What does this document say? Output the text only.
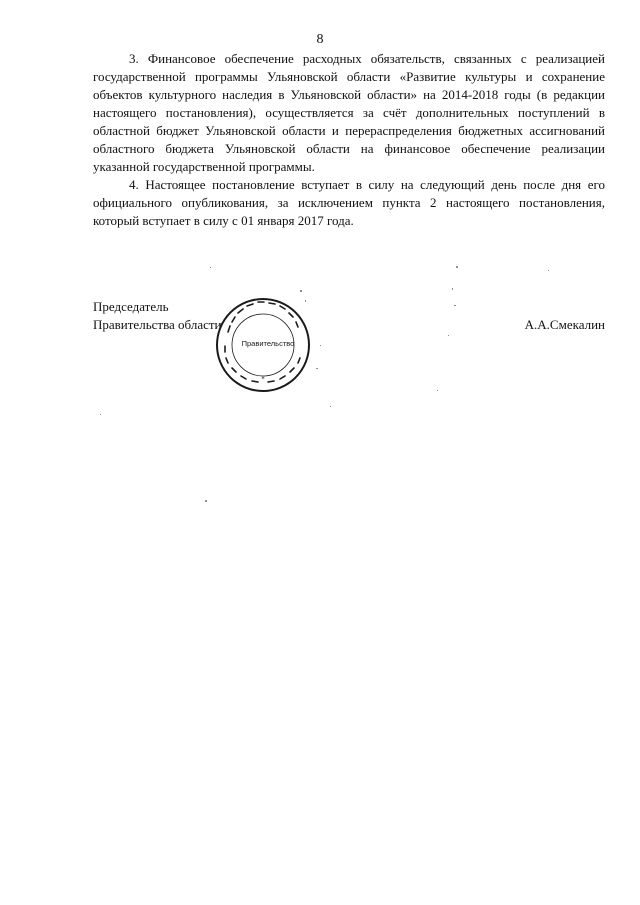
8

3. Финансовое обеспечение расходных обязательств, связанных с реализацией государственной программы Ульяновской области «Развитие культуры и сохранение объектов культурного наследия в Ульяновской области» на 2014-2018 годы (в редакции настоящего постановления), осуществляется за счёт дополнительных поступлений в областной бюджет Ульяновской области и перераспределения бюджетных ассигнований областного бюджета Ульяновской области на финансовое обеспечение реализации указанной государственной программы.

4. Настоящее постановление вступает в силу на следующий день после дня его официального опубликования, за исключением пункта 2 настоящего постановления, который вступает в силу с 01 января 2017 года.

Председатель
Правительства области	А.А.Смекалин
*
Правительство
